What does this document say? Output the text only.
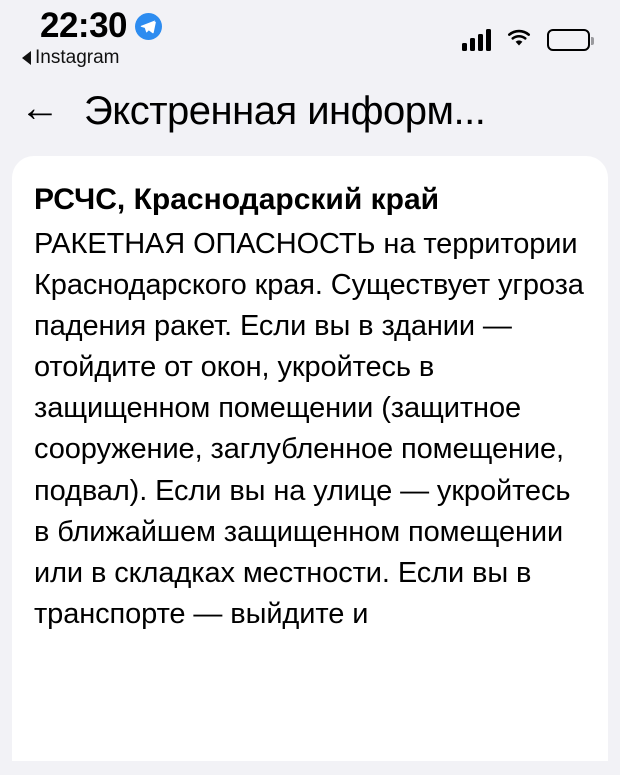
22:30
Instagram
← Экстренная информ...
РСЧС, Краснодарский край
РАКЕТНАЯ ОПАСНОСТЬ на территории Краснодарского края. Существует угроза падения ракет. Если вы в здании — отойдите от окон, укройтесь в защищенном помещении (защитное сооружение, заглубленное помещение, подвал). Если вы на улице — укройтесь в ближайшем защищенном помещении или в складках местности. Если вы в транспорте — выйдите и
